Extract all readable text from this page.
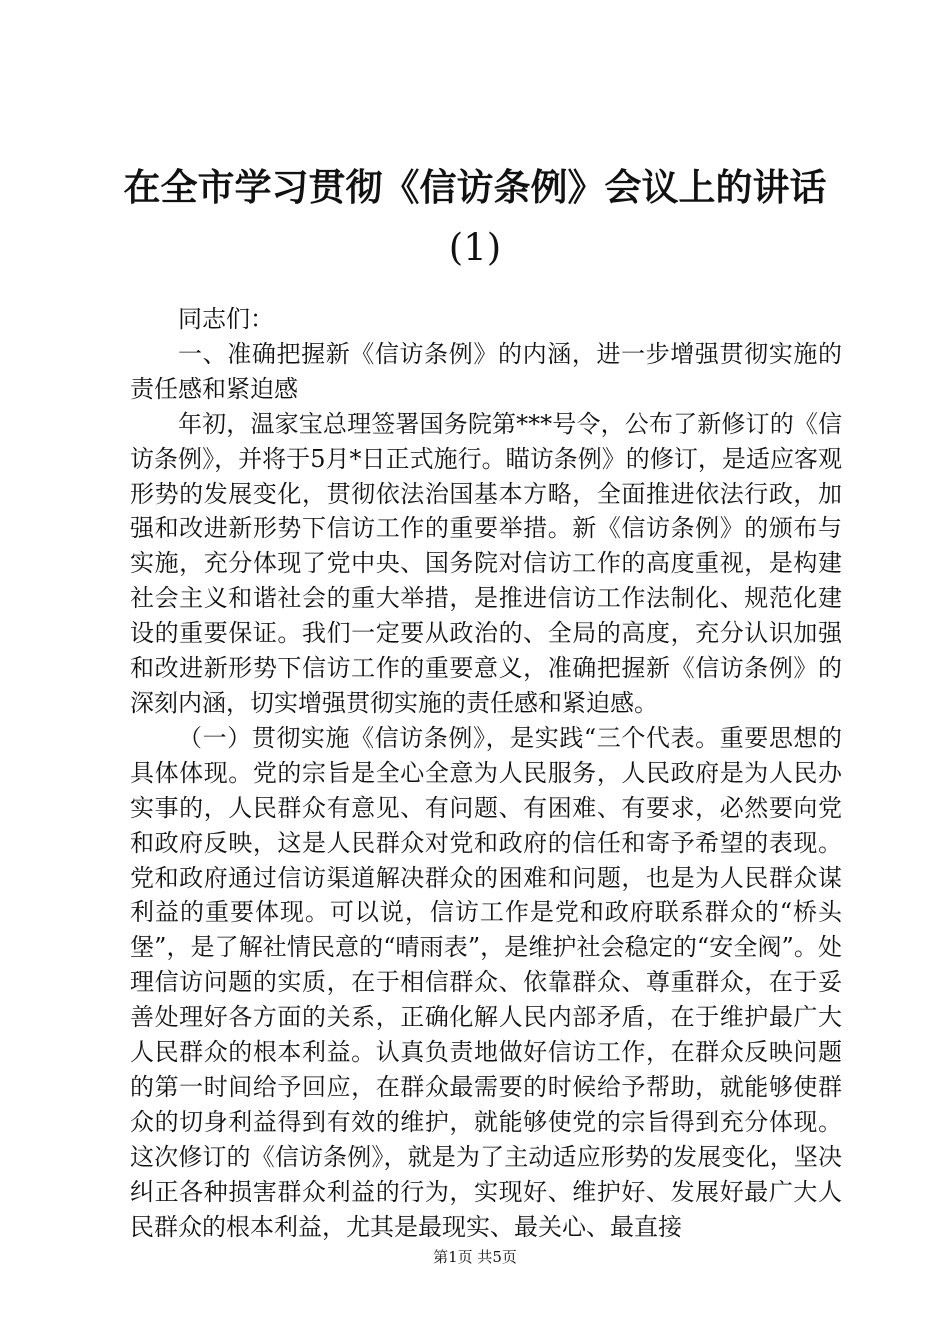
在全市学习贯彻《信访条例》会议上的讲话
(1)

同志们：

一、准确把握新《信访条例》的内涵，进一步增强贯彻实施的责任感和紧迫感

年初，温家宝总理签署国务院第***号令，公布了新修订的《信访条例》，并将于5月*日正式施行。瞄访条例》的修订，是适应客观形势的发展变化，贯彻依法治国基本方略，全面推进依法行政，加强和改进新形势下信访工作的重要举措。新《信访条例》的颁布与实施，充分体现了党中央、国务院对信访工作的高度重视，是构建社会主义和谐社会的重大举措，是推进信访工作法制化、规范化建设的重要保证。我们一定要从政治的、全局的高度，充分认识加强和改进新形势下信访工作的重要意义，准确把握新《信访条例》的深刻内涵，切实增强贯彻实施的责任感和紧迫感。

（一）贯彻实施《信访条例》，是实践“三个代表。重要思想的具体体现。党的宗旨是全心全意为人民服务，人民政府是为人民办实事的，人民群众有意见、有问题、有困难、有要求，必然要向党和政府反映，这是人民群众对党和政府的信任和寄予希望的表现。党和政府通过信访渠道解决群众的困难和问题，也是为人民群众谋利益的重要体现。可以说，信访工作是党和政府联系群众的“桥头堡”，是了解社情民意的“晴雨表”，是维护社会稳定的“安全阀”。处理信访问题的实质，在于相信群众、依靠群众、尊重群众，在于妥善处理好各方面的关系，正确化解人民内部矛盾，在于维护最广大人民群众的根本利益。认真负责地做好信访工作，在群众反映问题的第一时间给予回应，在群众最需要的时候给予帮助，就能够使群众的切身利益得到有效的维护，就能够使党的宗旨得到充分体现。这次修订的《信访条例》，就是为了主动适应形势的发展变化，坚决纠正各种损害群众利益的行为，实现好、维护好、发展好最广大人民群众的根本利益，尤其是最现实、最关心、最直接

第1页 共5页
